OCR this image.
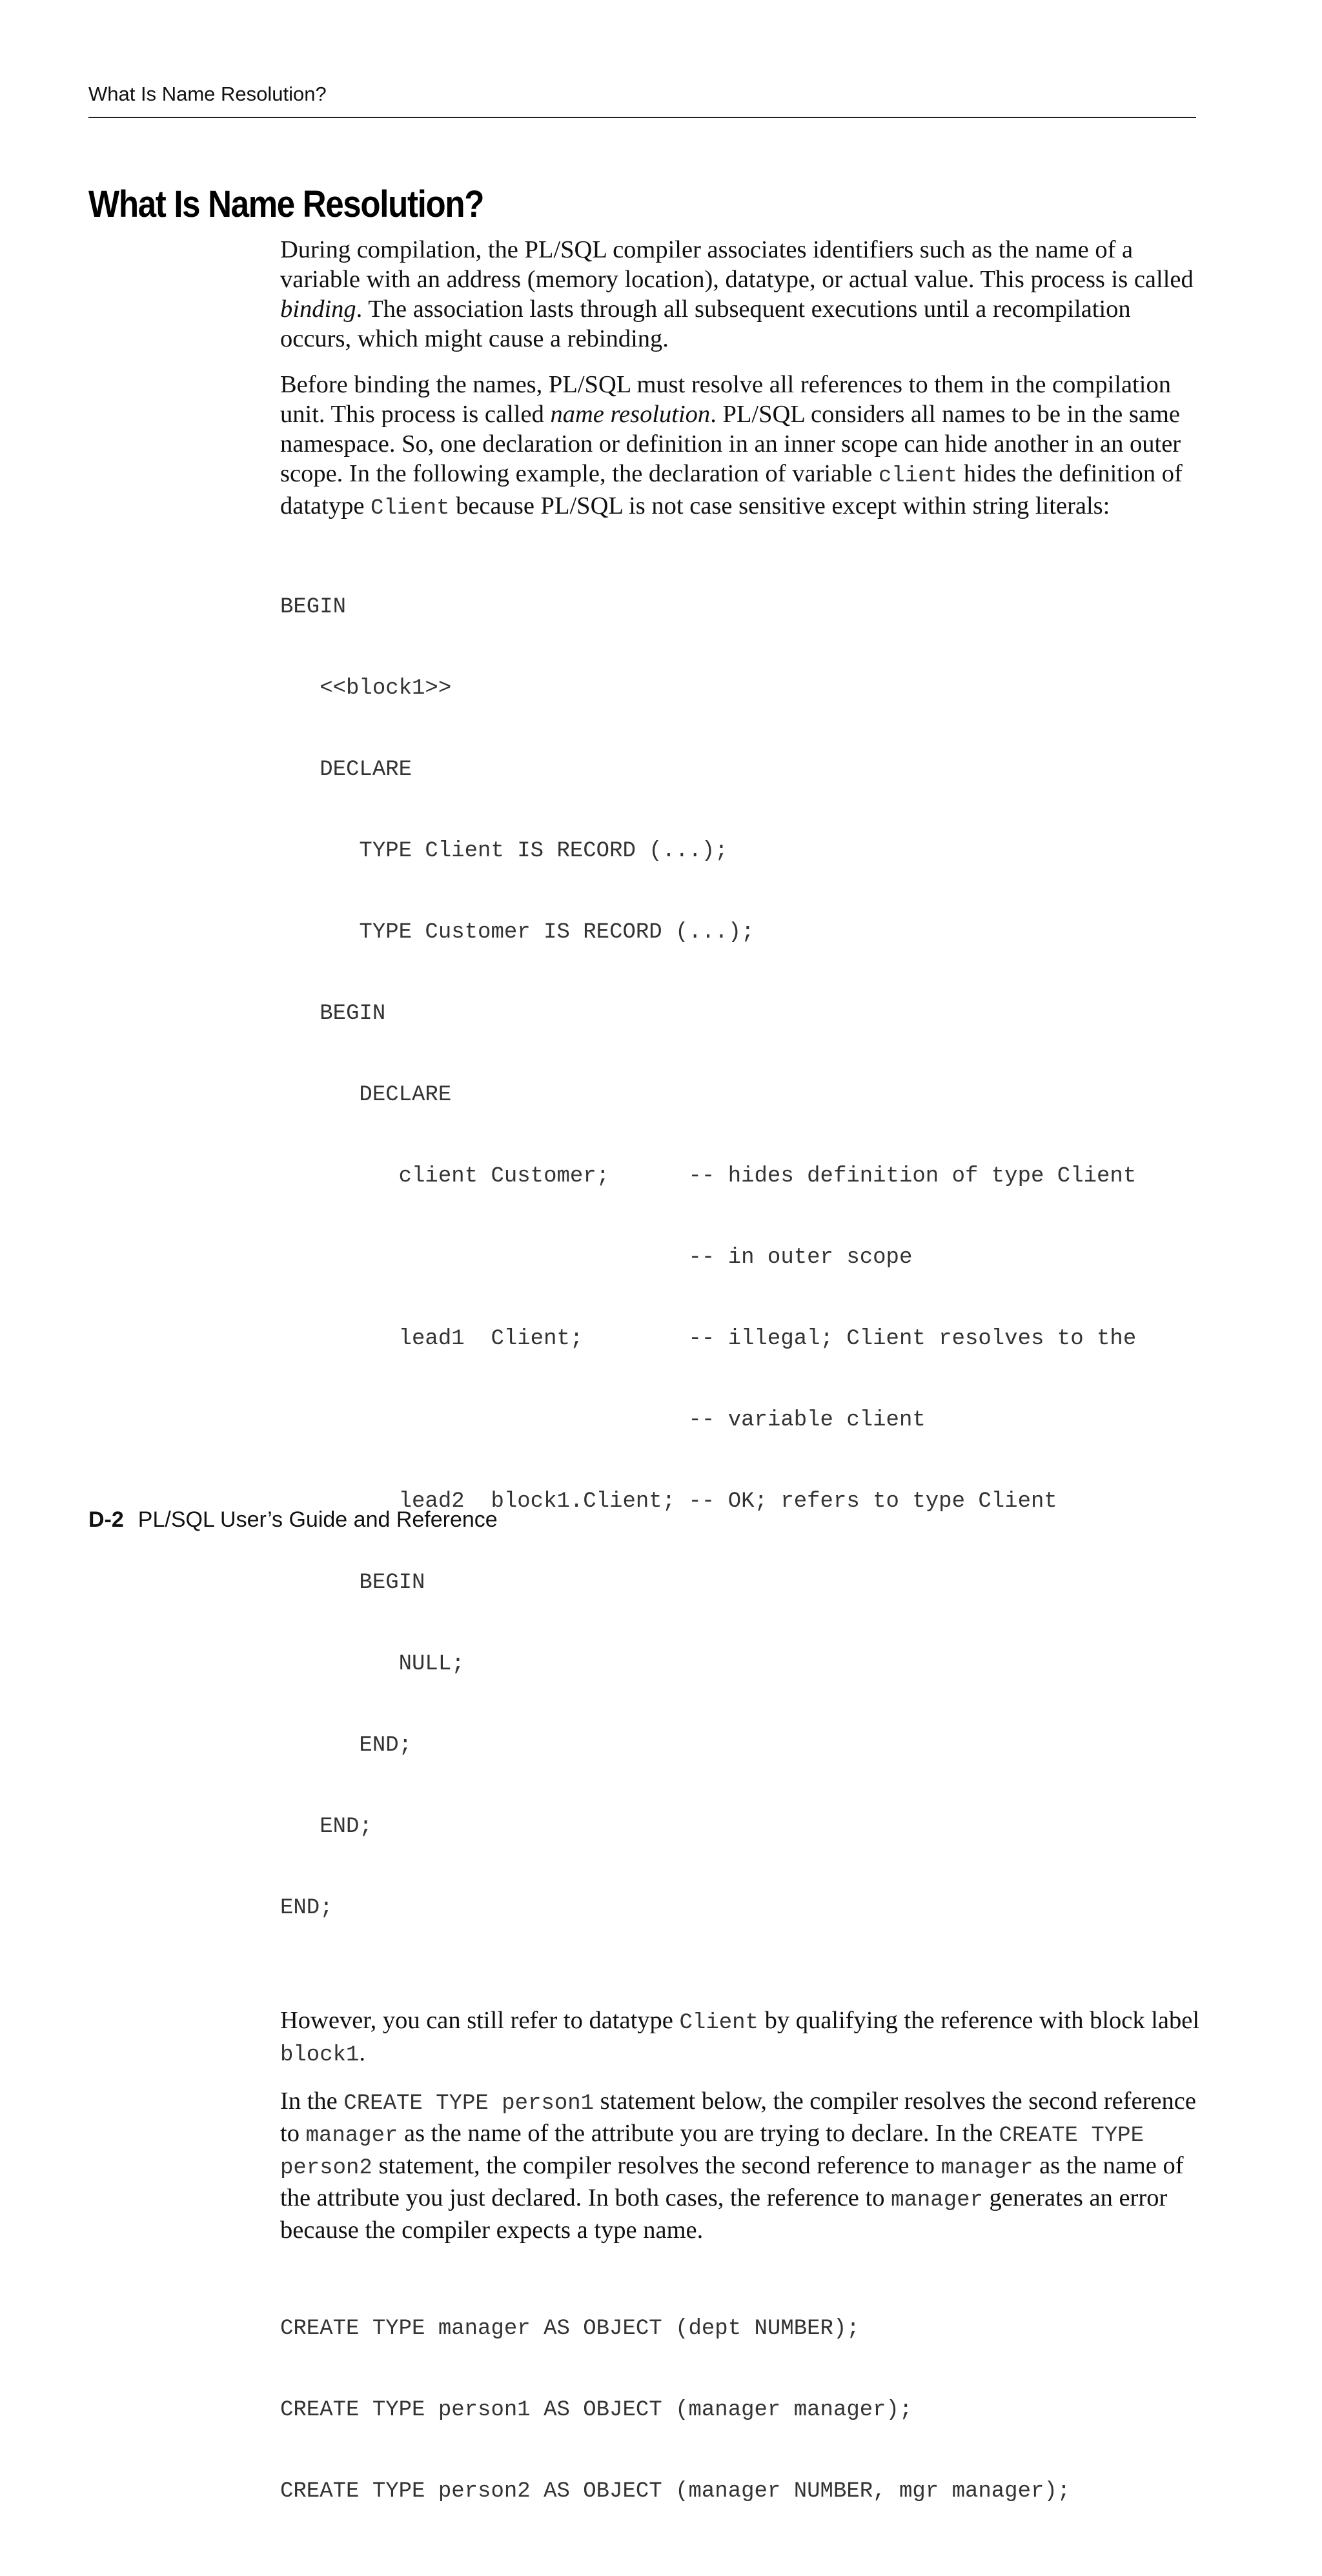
What Is Name Resolution?
What Is Name Resolution?

During compilation, the PL/SQL compiler associates identifiers such as the name of a variable with an address (memory location), datatype, or actual value. This process is called binding. The association lasts through all subsequent executions until a recompilation occurs, which might cause a rebinding.

Before binding the names, PL/SQL must resolve all references to them in the compilation unit. This process is called name resolution. PL/SQL considers all names to be in the same namespace. So, one declaration or definition in an inner scope can hide another in an outer scope. In the following example, the declaration of variable client hides the definition of datatype Client because PL/SQL is not case sensitive except within string literals:

BEGIN

<<block1>>

DECLARE

TYPE Client IS RECORD (...);

TYPE Customer IS RECORD (...);

BEGIN

DECLARE

client Customer;      -- hides definition of type Client

-- in outer scope

lead1  Client;        -- illegal; Client resolves to the

-- variable client

lead2  block1.Client; -- OK; refers to type Client

BEGIN

NULL;

END;

END;

END;

However, you can still refer to datatype Client by qualifying the reference with block label block1.

In the CREATE TYPE person1 statement below, the compiler resolves the second reference to manager as the name of the attribute you are trying to declare. In the CREATE TYPE person2 statement, the compiler resolves the second reference to manager as the name of the attribute you just declared. In both cases, the reference to manager generates an error because the compiler expects a type name.

CREATE TYPE manager AS OBJECT (dept NUMBER);

CREATE TYPE person1 AS OBJECT (manager manager);

CREATE TYPE person2 AS OBJECT (manager NUMBER, mgr manager);

D-2 PL/SQL User’s Guide and Reference
